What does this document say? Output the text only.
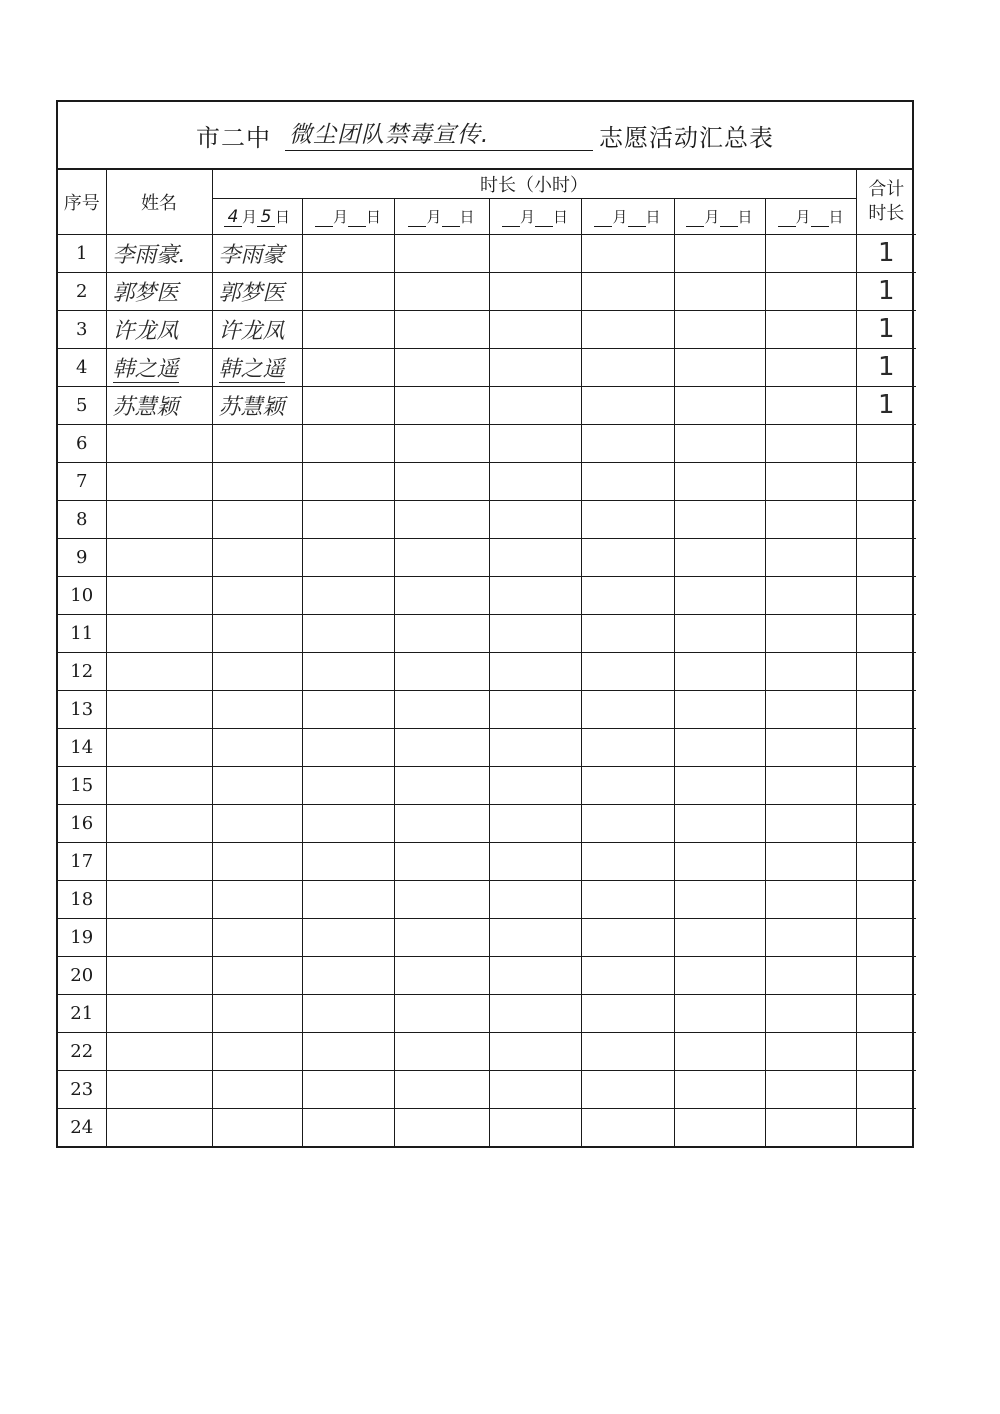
市二中 微尘团队禁毒宣传.	志愿活动汇总表
序号	姓名	时长（小时）							合计
时长

		4 月 5 日	月 日	月 日	月 日	月 日	月 日	月 日	
1	李雨豪.	李雨豪							1
2	郭梦医	郭梦医							1
3	许龙凤	许龙凤							1
4	韩之遥	韩之遥							1
5	苏慧颖	苏慧颖							1
6									
7									
8									
9									
10									
11									
12									
13									
14									
15									
16									
17									
18									
19									
20									
21									
22									
23									
24									
